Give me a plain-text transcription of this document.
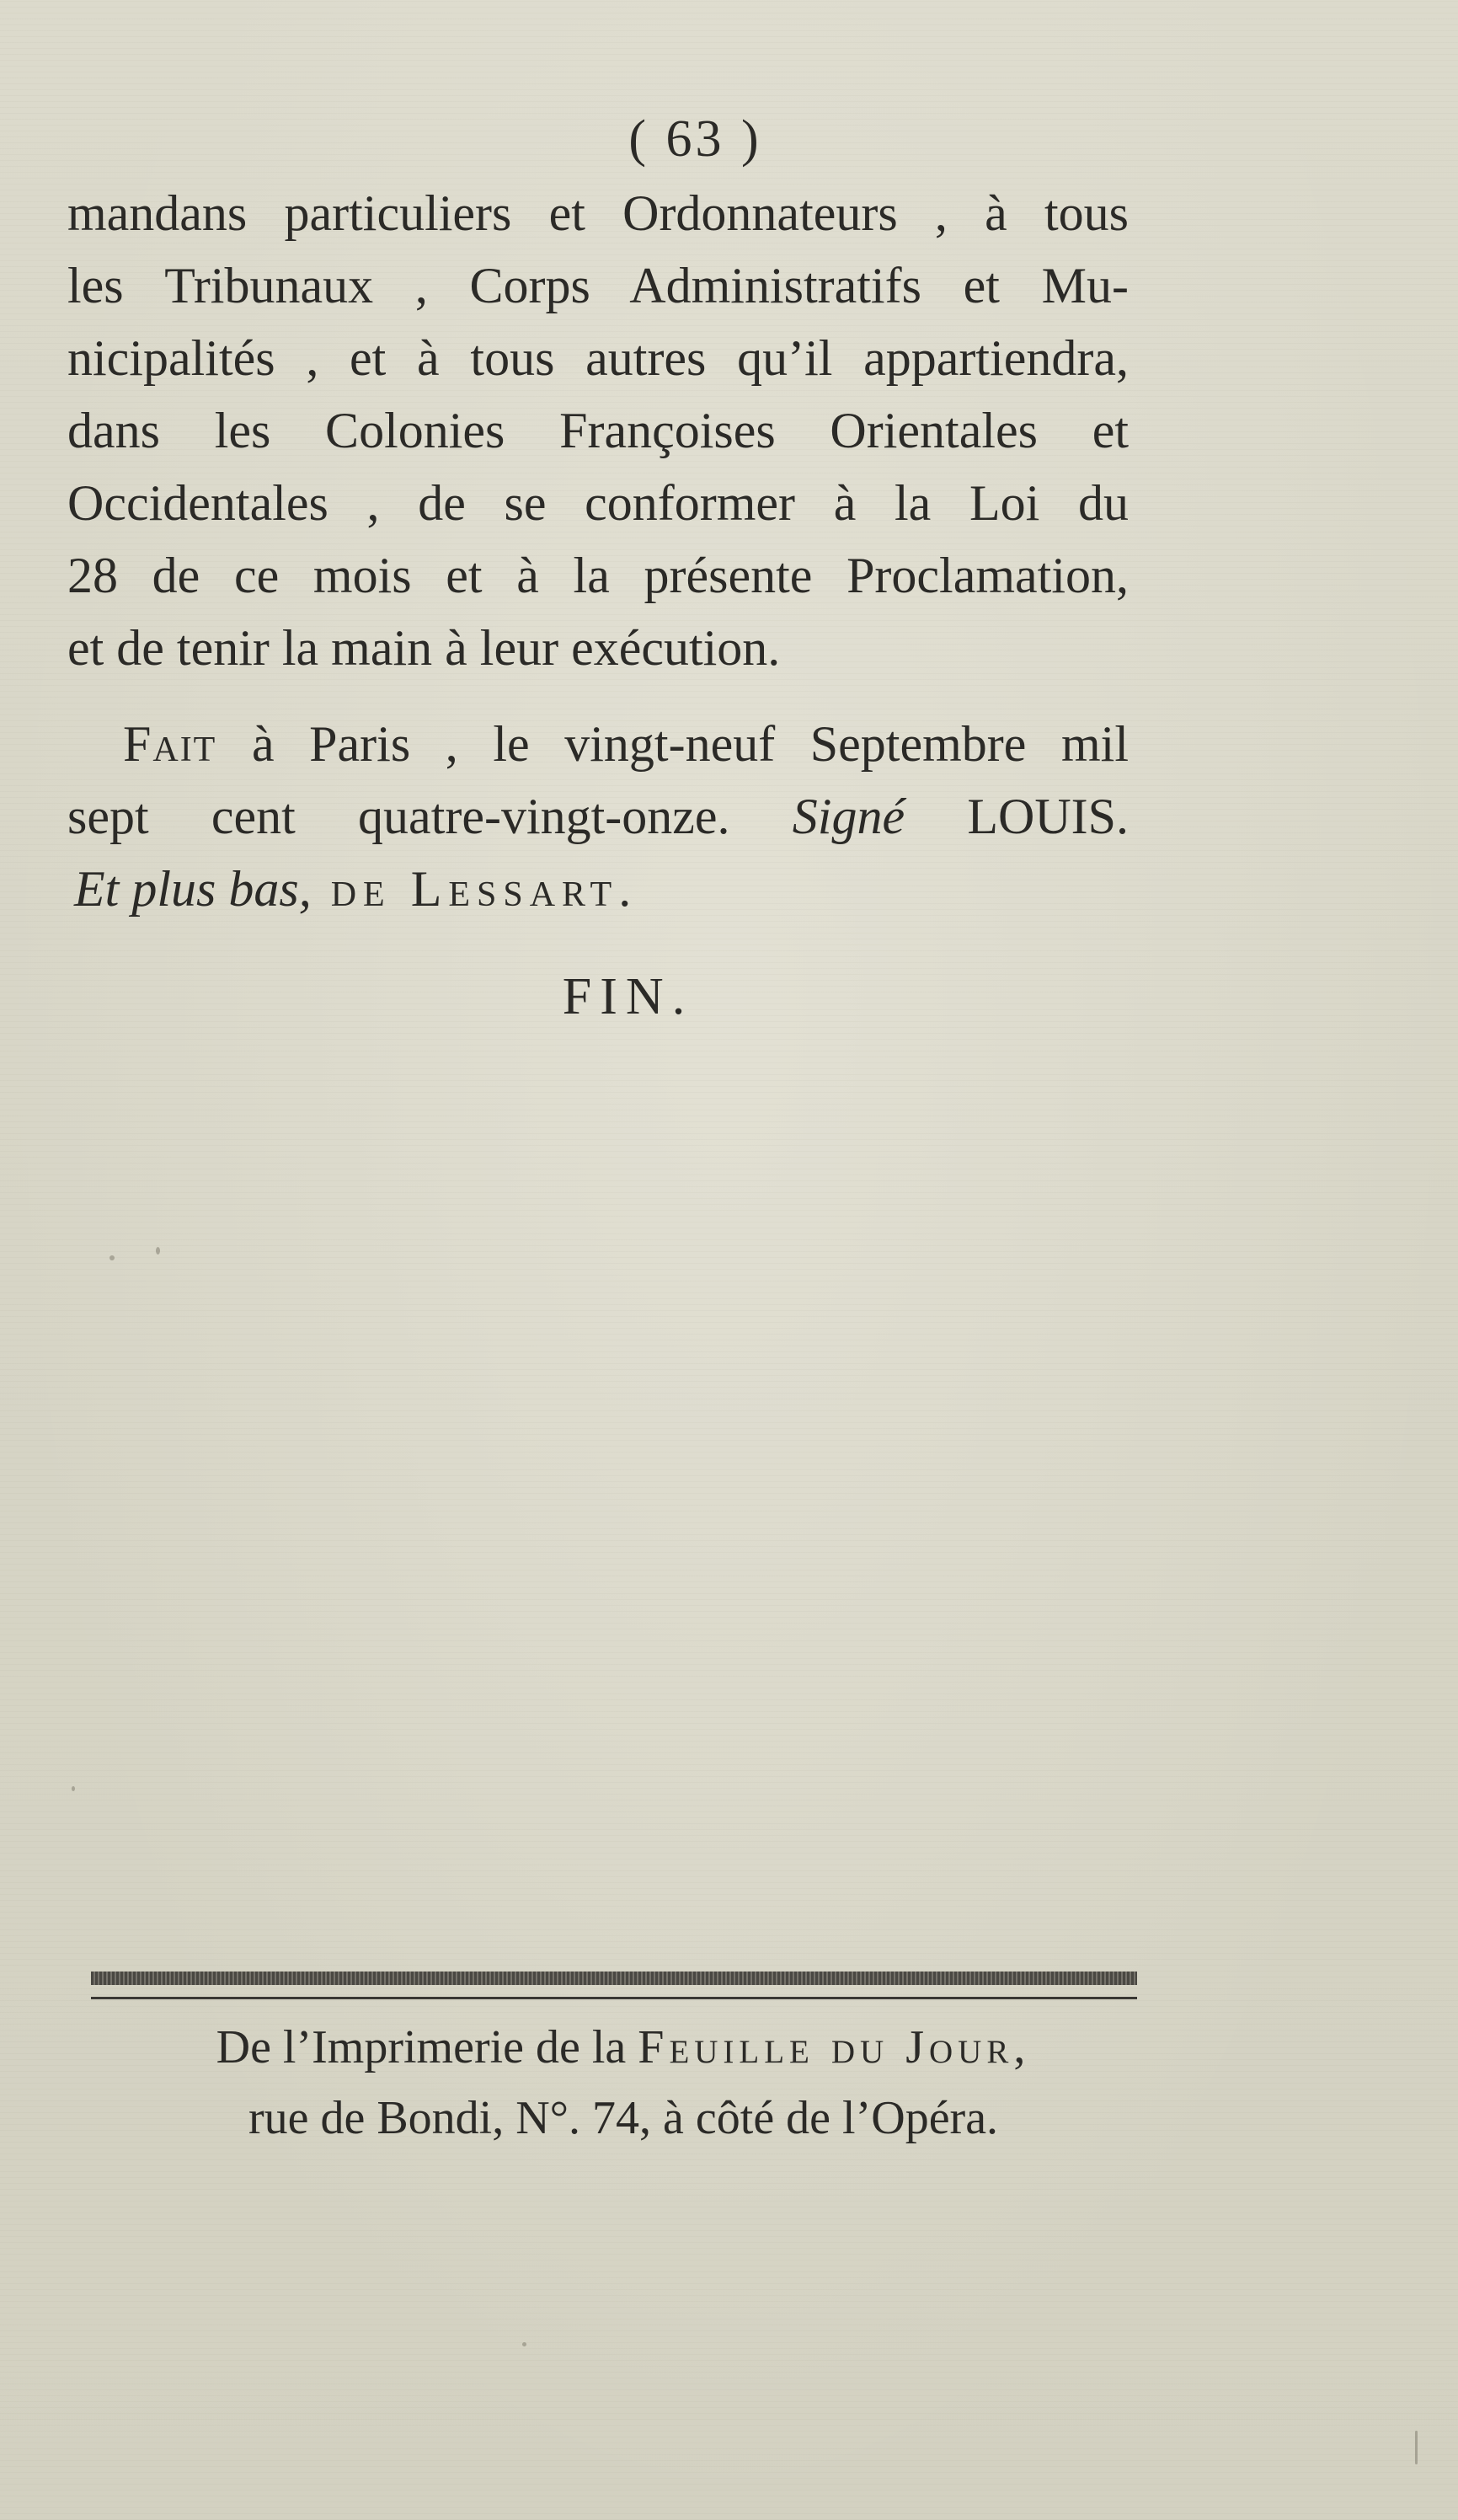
( 63 )
mandans particuliers et Ordonnateurs , à tous
les Tribunaux , Corps Administratifs et Mu-
nicipalités , et à tous autres qu’il appartiendra,
dans les Colonies Françoises Orientales et
Occidentales , de se conformer à la Loi du
28 de ce mois et à la présente Proclamation,
et de tenir la main à leur exécution.
Fait à Paris , le vingt-neuf Septembre mil
sept cent quatre-vingt-onze. Signé LOUIS.
Et plus bas, de Lessart.
FIN.
De l’Imprimerie de la Feuille du Jour,
rue de Bondi, N°. 74, à côté de l’Opéra.
